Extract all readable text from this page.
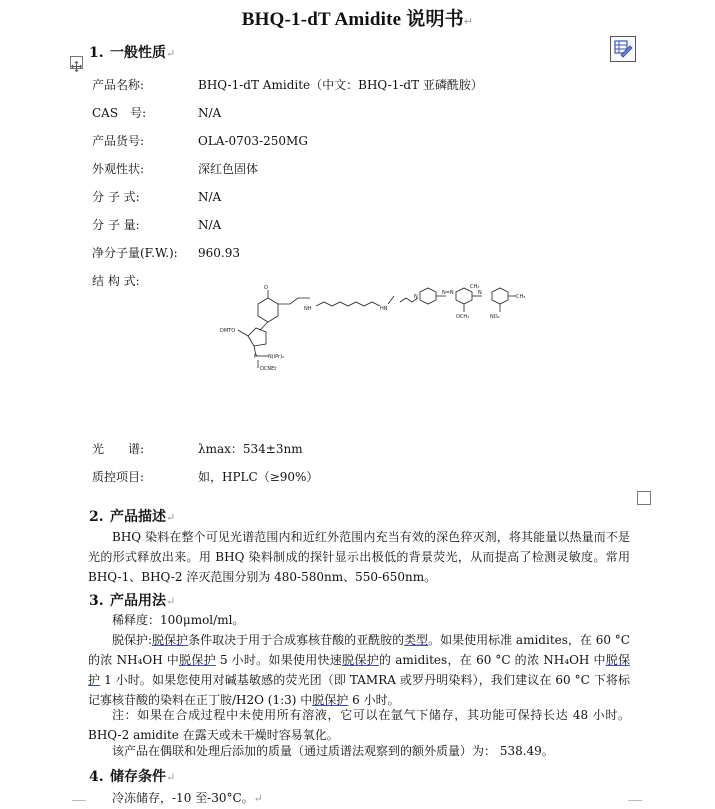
BHQ-1-dT Amidite 说明书↵
1. 一般性质↵
产品名称:	BHQ-1-dT Amidite（中文：BHQ-1-dT 亚磷酰胺）
CAS　号:	N/A
产品货号:	OLA-0703-250MG
外观性状:	深红色固体
分 子 式:	N/A
分 子 量:	N/A
净分子量(F.W.): 960.93
结 构 式:
DMTO
P N(iPr)₂
OCNEt
O
NH	HN
N
N=N	N
OCH₃	NO₂
CH₃
CH₃
光　　谱:	λmax：534±3nm
质控项目:	如，HPLC（≥90%）
2. 产品描述↵
BHQ 染料在整个可见光谱范围内和近红外范围内充当有效的深色猝灭剂，将其能量以热量而不是光的形式释放出来。用 BHQ 染料制成的探针显示出极低的背景荧光，从而提高了检测灵敏度。常用 BHQ-1、BHQ-2 淬灭范围分别为 480-580nm、550-650nm。
3. 产品用法↵
稀释度：100μmol/ml。
脱保护:脱保护条件取决于用于合成寡核苷酸的亚酰胺的类型。如果使用标准 amidites，在 60 °C 的浓 NH₄OH 中脱保护 5 小时。如果使用快速脱保护的 amidites，在 60 °C 的浓 NH₄OH 中脱保护 1 小时。如果您使用对碱基敏感的荧光团（即 TAMRA 或罗丹明染料），我们建议在 60 °C 下将标记寡核苷酸的染料在正丁胺/H2O (1:3) 中脱保护 6 小时。
注：如果在合成过程中未使用所有溶液，它可以在氩气下储存，其功能可保持长达 48 小时。BHQ-2 amidite 在露天或未干燥时容易氧化。
该产品在偶联和处理后添加的质量（通过质谱法观察到的额外质量）为： 538.49。
4. 储存条件↵
冷冻储存，-10 至-30°C。↵
